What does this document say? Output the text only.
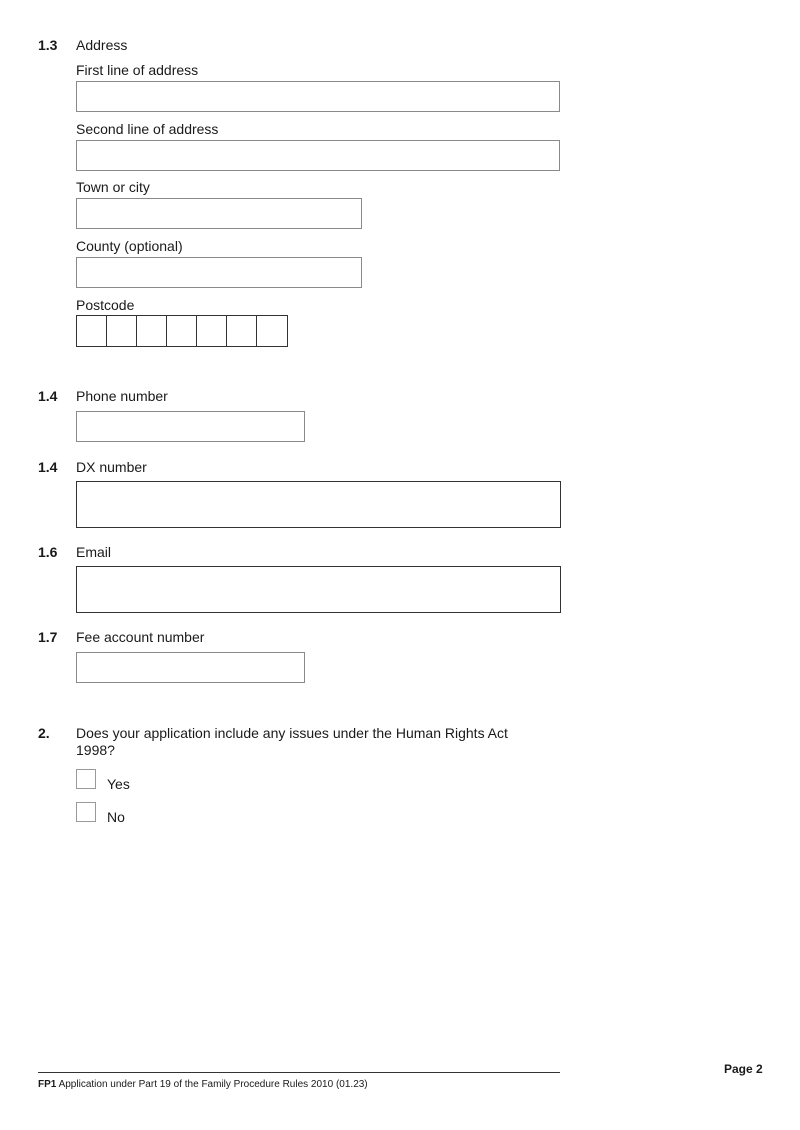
1.3 Address
First line of address
Second line of address
Town or city
County (optional)
Postcode
1.4 Phone number
1.4 DX number
1.6 Email
1.7 Fee account number
2. Does your application include any issues under the Human Rights Act 1998?
Yes
No
Page 2
FP1 Application under Part 19 of the Family Procedure Rules 2010 (01.23)
